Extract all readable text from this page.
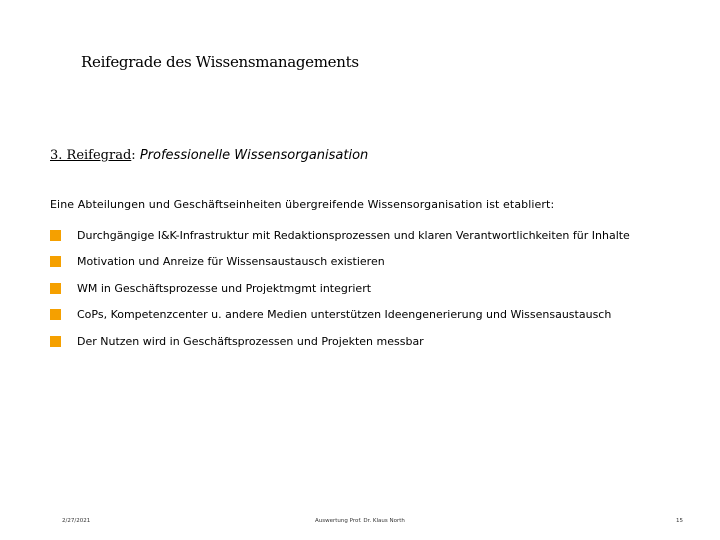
Reifegrade des Wissensmanagements
3. Reifegrad: Professionelle Wissensorganisation
Eine Abteilungen und Geschäftseinheiten übergreifende Wissensorganisation ist etabliert:
Durchgängige I&K-Infrastruktur mit Redaktionsprozessen und klaren Verantwortlichkeiten für Inhalte
Motivation und Anreize für Wissensaustausch existieren
WM in Geschäftsprozesse und Projektmgmt integriert
CoPs, Kompetenzcenter u. andere Medien unterstützen Ideengenerierung und Wissensaustausch
Der Nutzen wird in Geschäftsprozessen und Projekten messbar
2/27/2021	Auswertung Prof. Dr. Klaus North	15
